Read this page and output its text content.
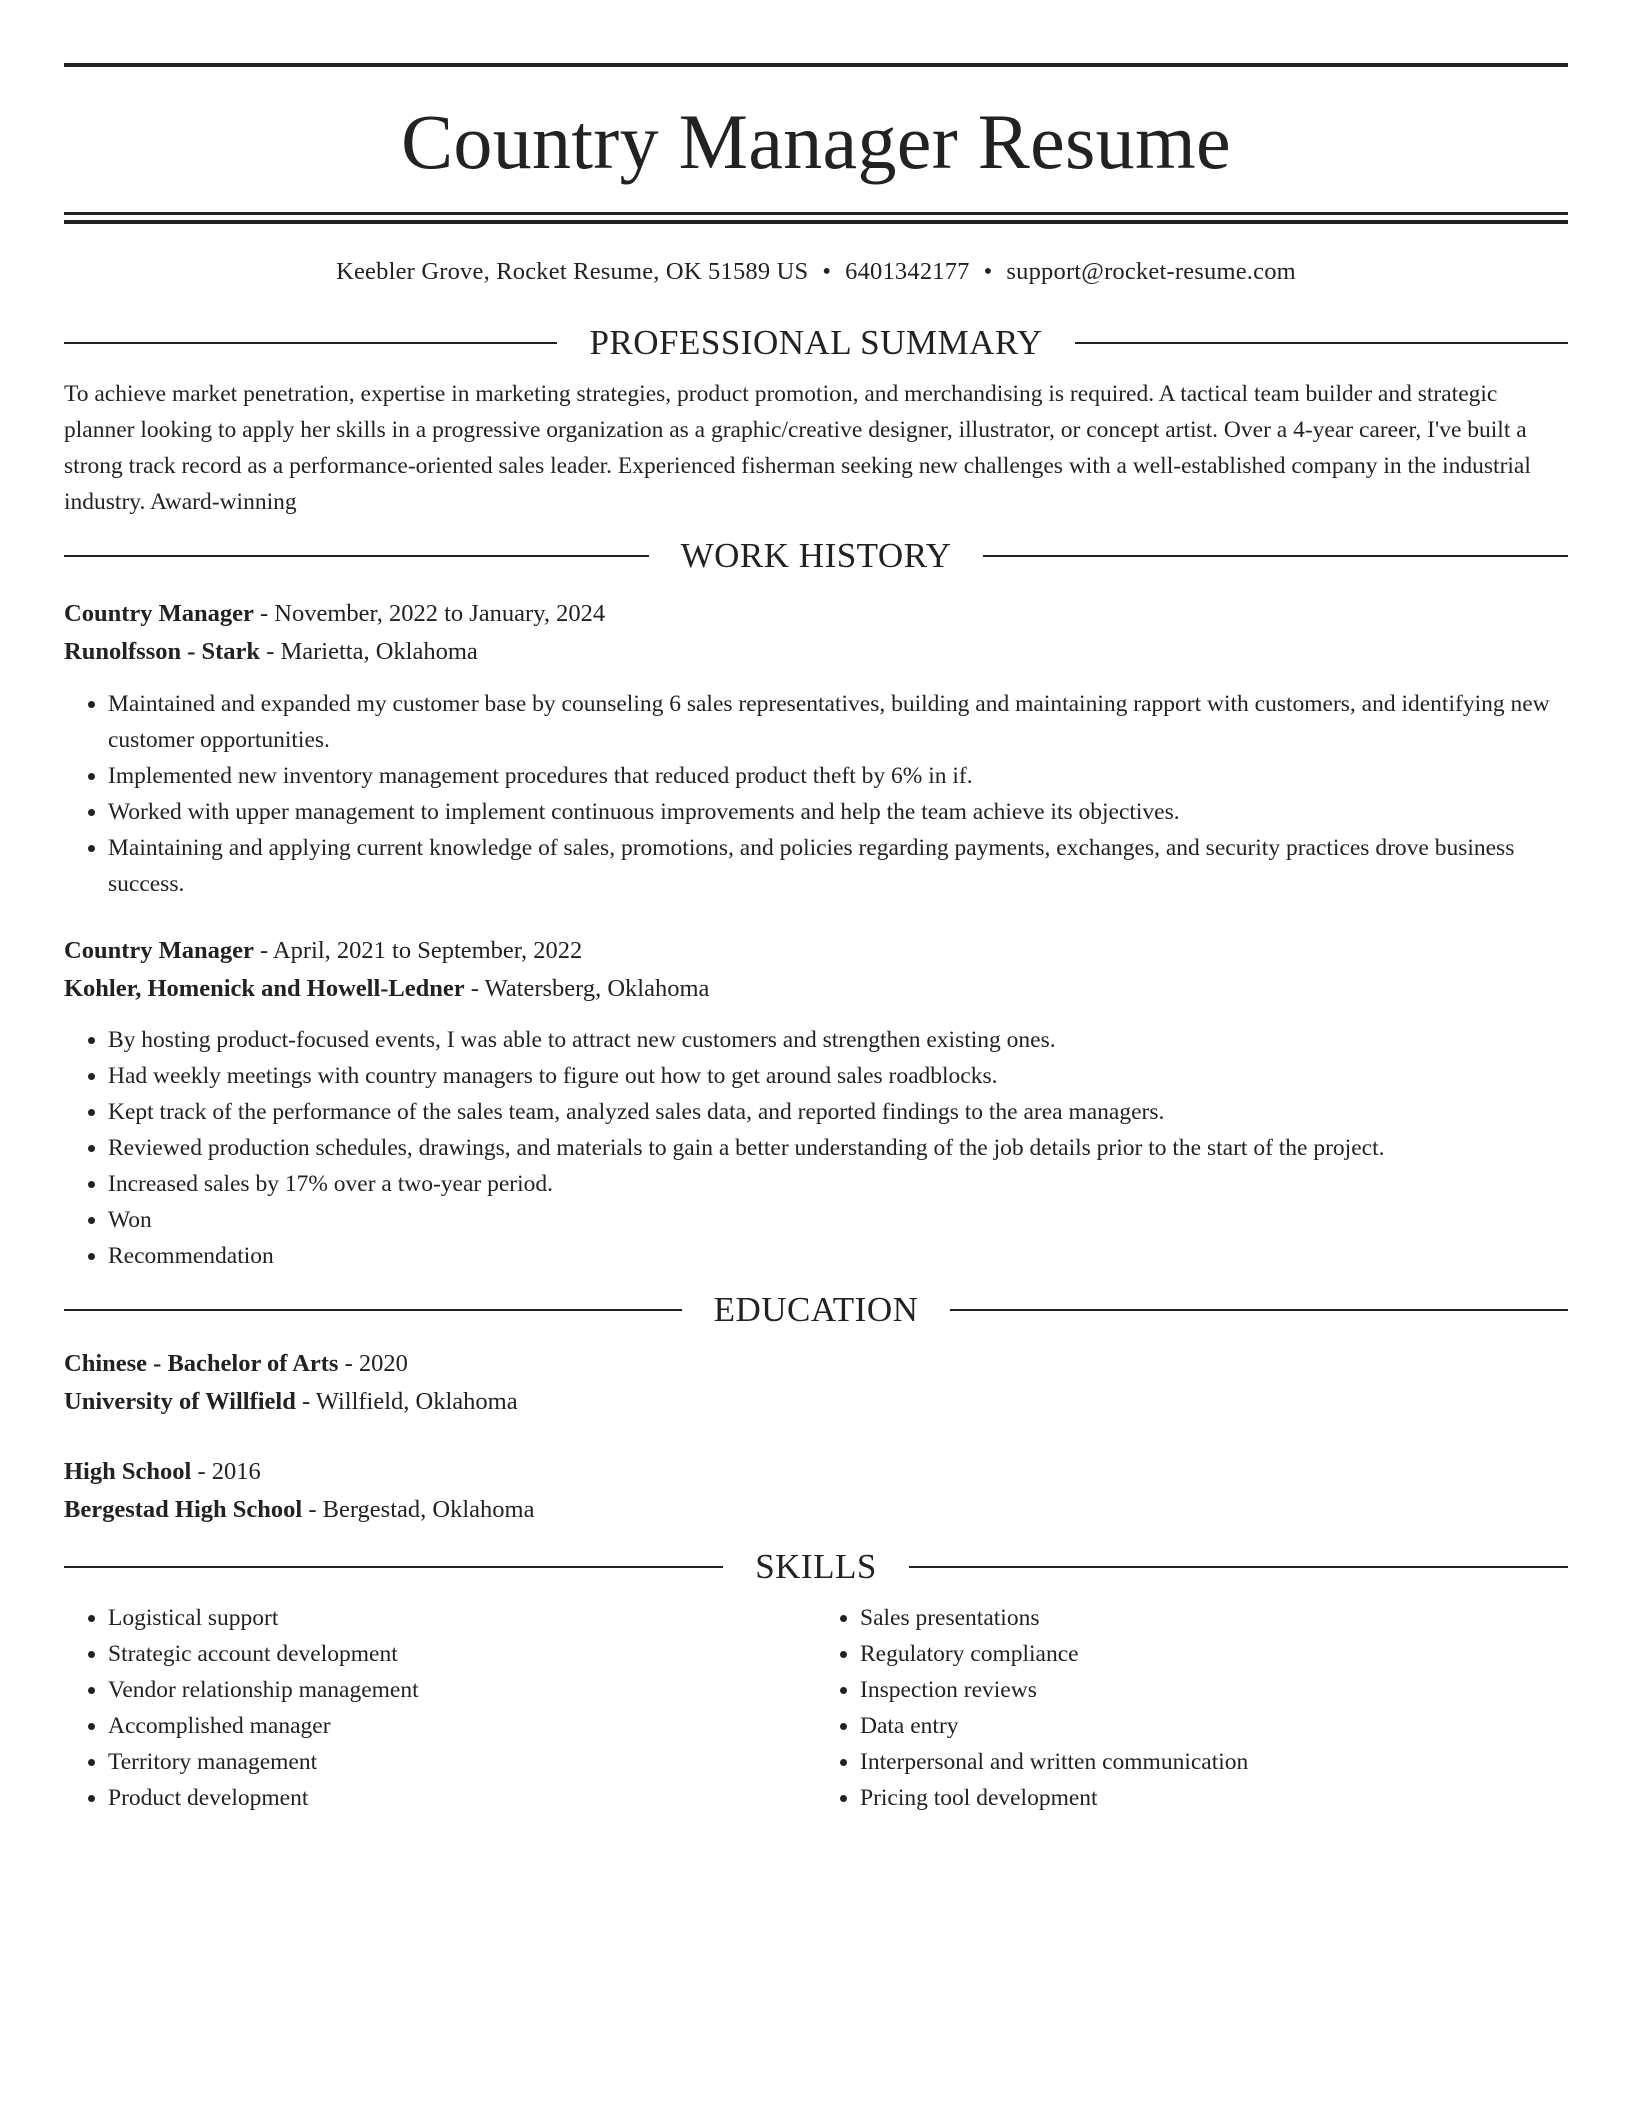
Country Manager Resume
Keebler Grove, Rocket Resume, OK 51589 US • 6401342177 • support@rocket-resume.com
PROFESSIONAL SUMMARY

To achieve market penetration, expertise in marketing strategies, product promotion, and merchandising is required. A tactical team builder and strategic planner looking to apply her skills in a progressive organization as a graphic/creative designer, illustrator, or concept artist. Over a 4-year career, I've built a strong track record as a performance-oriented sales leader. Experienced fisherman seeking new challenges with a well-established company in the industrial industry. Award-winning

WORK HISTORY
Country Manager - November, 2022 to January, 2024
Runolfsson - Stark - Marietta, Oklahoma
• Maintained and expanded my customer base by counseling 6 sales representatives, building and maintaining rapport with customers, and identifying new customer opportunities.
• Implemented new inventory management procedures that reduced product theft by 6% in if.
• Worked with upper management to implement continuous improvements and help the team achieve its objectives.
• Maintaining and applying current knowledge of sales, promotions, and policies regarding payments, exchanges, and security practices drove business success.
Country Manager - April, 2021 to September, 2022
Kohler, Homenick and Howell-Ledner - Watersberg, Oklahoma
• By hosting product-focused events, I was able to attract new customers and strengthen existing ones.
• Had weekly meetings with country managers to figure out how to get around sales roadblocks.
• Kept track of the performance of the sales team, analyzed sales data, and reported findings to the area managers.
• Reviewed production schedules, drawings, and materials to gain a better understanding of the job details prior to the start of the project.
• Increased sales by 17% over a two-year period.
• Won
• Recommendation
EDUCATION
Chinese - Bachelor of Arts - 2020
University of Willfield - Willfield, Oklahoma
High School - 2016
Bergestad High School - Bergestad, Oklahoma
SKILLS
• Logistical support
• Strategic account development
• Vendor relationship management
• Accomplished manager
• Territory management
• Product development
• Sales presentations
• Regulatory compliance
• Inspection reviews
• Data entry
• Interpersonal and written communication
• Pricing tool development
